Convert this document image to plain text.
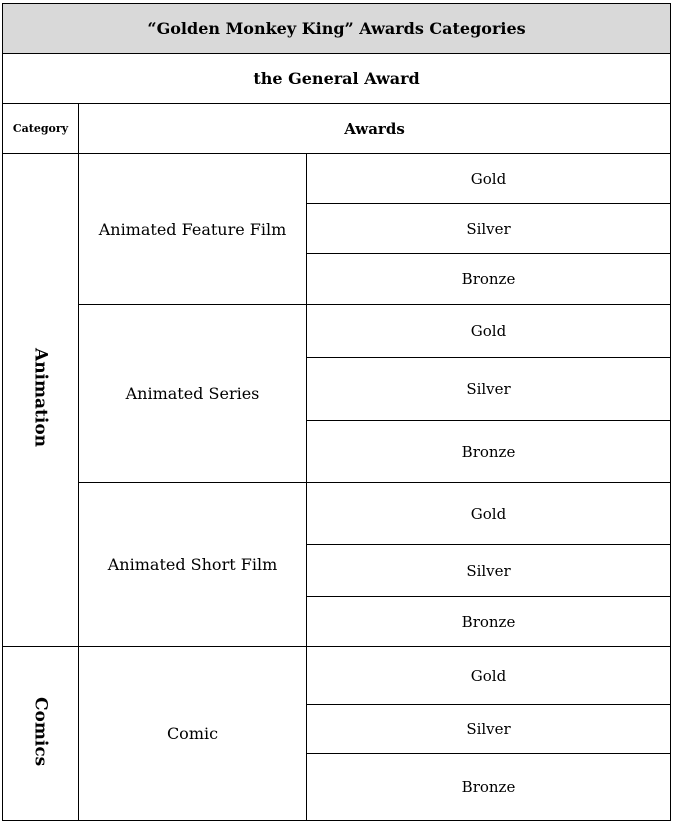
“Golden Monkey King” Awards Categories		
the General Award		
Category	Awards	
Animation	Animated Feature Film	Gold
		Silver
		Bronze
	Animated Series	Gold
		Silver
		Bronze
	Animated Short Film	Gold
		Silver
		Bronze
Comics	Comic	Gold
		Silver
		Bronze
